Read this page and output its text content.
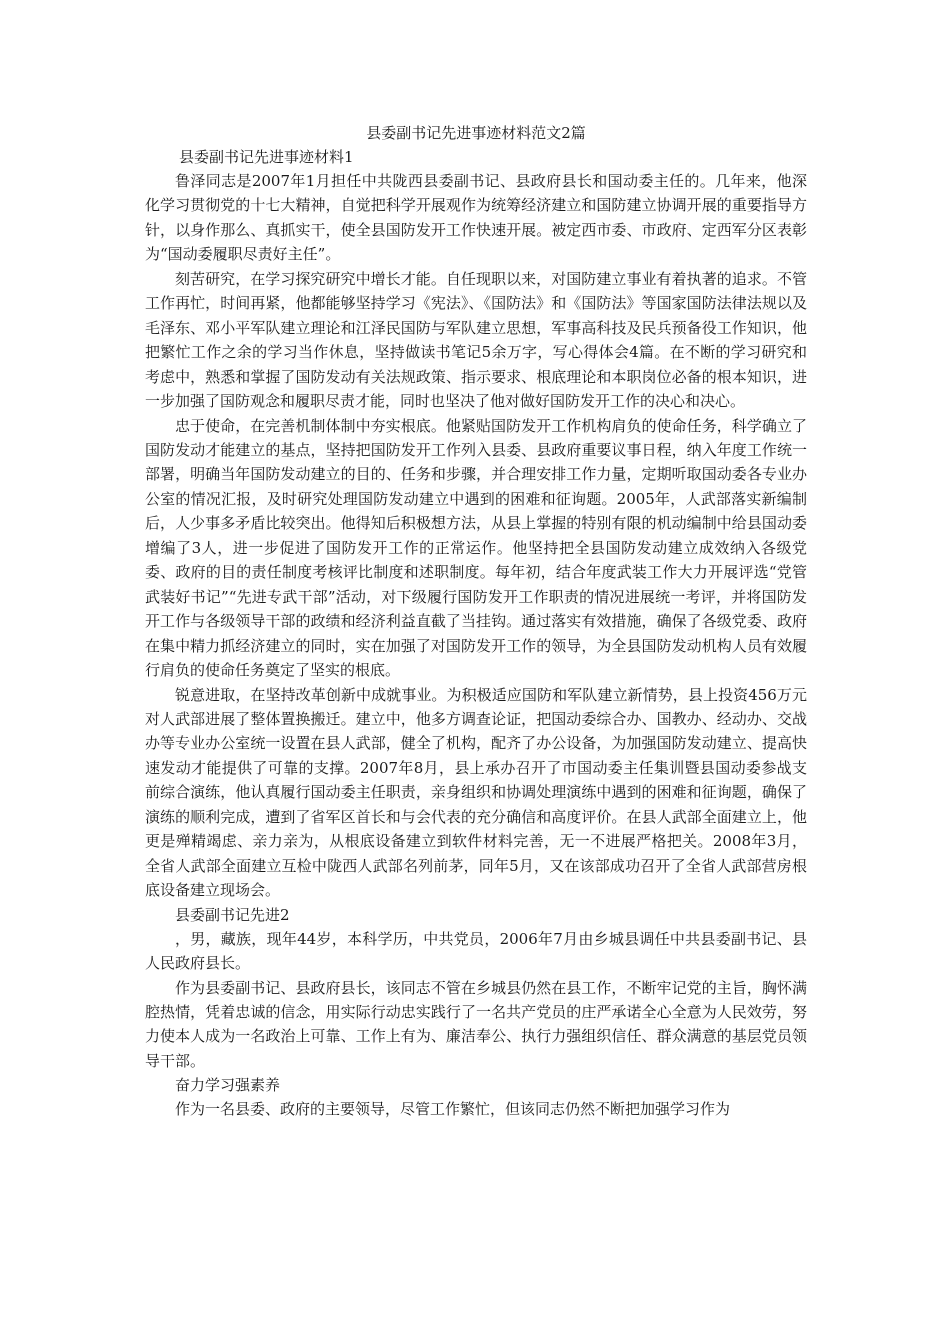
县委副书记先进事迹材料范文2篇
县委副书记先进事迹材料1

鲁泽同志是2007年1月担任中共陇西县委副书记、县政府县长和国动委主任的。几年来，他深化学习贯彻党的十七大精神，自觉把科学开展观作为统筹经济建立和国防建立协调开展的重要指导方针，以身作那么、真抓实干，使全县国防发开工作快速开展。被定西市委、市政府、定西军分区表彰为“国动委履职尽责好主任”。

刻苦研究，在学习探究研究中增长才能。自任现职以来，对国防建立事业有着执著的追求。不管工作再忙，时间再紧，他都能够坚持学习《宪法》、《国防法》和《国防法》等国家国防法律法规以及毛泽东、邓小平军队建立理论和江泽民国防与军队建立思想，军事高科技及民兵预备役工作知识，他把繁忙工作之余的学习当作休息，坚持做读书笔记5余万字，写心得体会4篇。在不断的学习研究和考虑中，熟悉和掌握了国防发动有关法规政策、指示要求、根底理论和本职岗位必备的根本知识，进一步加强了国防观念和履职尽责才能，同时也坚决了他对做好国防发开工作的决心和决心。

忠于使命，在完善机制体制中夯实根底。他紧贴国防发开工作机构肩负的使命任务，科学确立了国防发动才能建立的基点，坚持把国防发开工作列入县委、县政府重要议事日程，纳入年度工作统一部署，明确当年国防发动建立的目的、任务和步骤，并合理安排工作力量，定期听取国动委各专业办公室的情况汇报，及时研究处理国防发动建立中遇到的困难和征询题。2005年，人武部落实新编制后，人少事多矛盾比较突出。他得知后积极想方法，从县上掌握的特别有限的机动编制中给县国动委增编了3人，进一步促进了国防发开工作的正常运作。他坚持把全县国防发动建立成效纳入各级党委、政府的目的责任制度考核评比制度和述职制度。每年初，结合年度武装工作大力开展评选“党管武装好书记”“先进专武干部”活动，对下级履行国防发开工作职责的情况进展统一考评，并将国防发开工作与各级领导干部的政绩和经济利益直截了当挂钩。通过落实有效措施，确保了各级党委、政府在集中精力抓经济建立的同时，实在加强了对国防发开工作的领导，为全县国防发动机构人员有效履行肩负的使命任务奠定了坚实的根底。

锐意进取，在坚持改革创新中成就事业。为积极适应国防和军队建立新情势，县上投资456万元对人武部进展了整体置换搬迁。建立中，他多方调查论证，把国动委综合办、国教办、经动办、交战办等专业办公室统一设置在县人武部，健全了机构，配齐了办公设备，为加强国防发动建立、提高快速发动才能提供了可靠的支撑。2007年8月，县上承办召开了市国动委主任集训暨县国动委参战支前综合演练，他认真履行国动委主任职责，亲身组织和协调处理演练中遇到的困难和征询题，确保了演练的顺利完成，遭到了省军区首长和与会代表的充分确信和高度评价。在县人武部全面建立上，他更是殚精竭虑、亲力亲为，从根底设备建立到软件材料完善，无一不进展严格把关。2008年3月，全省人武部全面建立互检中陇西人武部名列前茅，同年5月，又在该部成功召开了全省人武部营房根底设备建立现场会。

县委副书记先进2

，男，藏族，现年44岁，本科学历，中共党员，2006年7月由乡城县调任中共县委副书记、县人民政府县长。

作为县委副书记、县政府县长，该同志不管在乡城县仍然在县工作，不断牢记党的主旨，胸怀满腔热情，凭着忠诚的信念，用实际行动忠实践行了一名共产党员的庄严承诺全心全意为人民效劳，努力使本人成为一名政治上可靠、工作上有为、廉洁奉公、执行力强组织信任、群众满意的基层党员领导干部。

奋力学习强素养

作为一名县委、政府的主要领导，尽管工作繁忙，但该同志仍然不断把加强学习作为
